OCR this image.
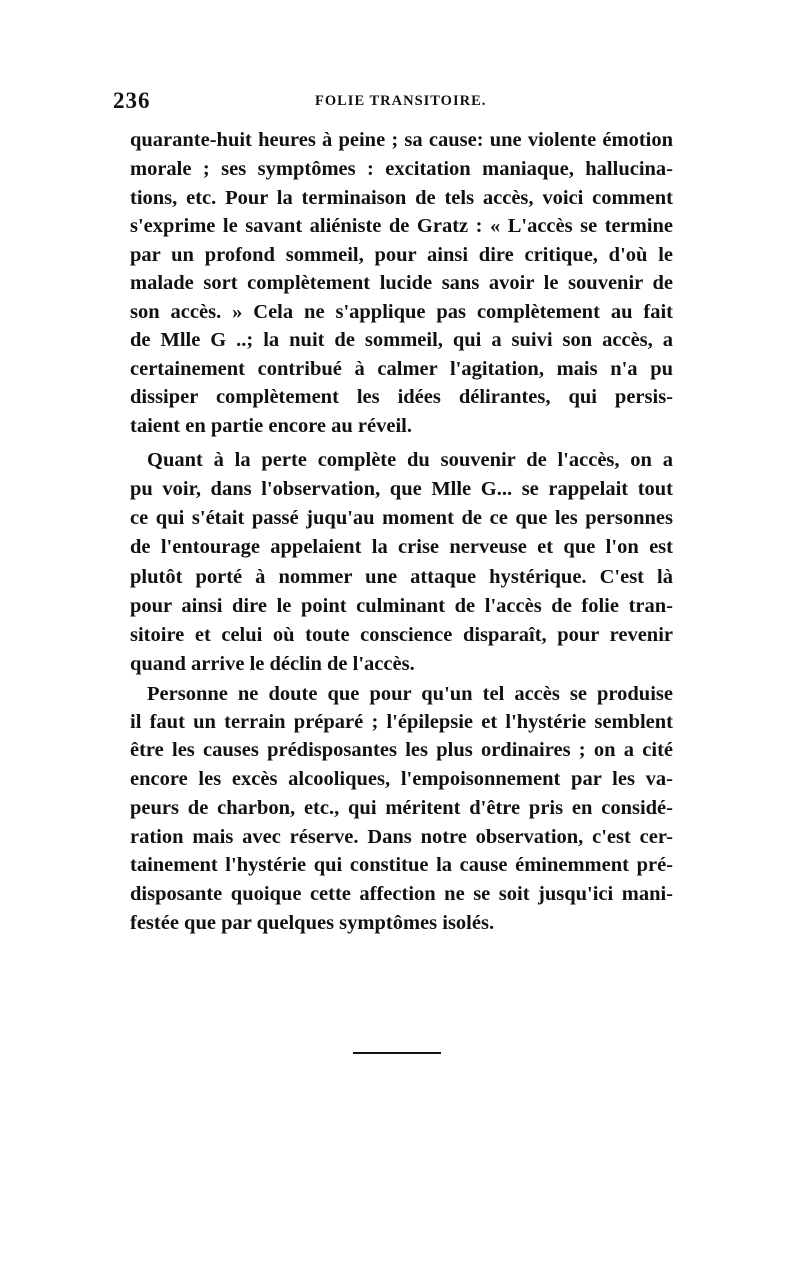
236	FOLIE TRANSITOIRE.
quarante-huit heures à peine ; sa cause: une violente émotion
morale ; ses symptômes : excitation maniaque, hallucina-
tions, etc. Pour la terminaison de tels accès, voici comment
s'exprime le savant aliéniste de Gratz : « L'accès se termine
par un profond sommeil, pour ainsi dire critique, d'où le
malade sort complètement lucide sans avoir le souvenir de
son accès. » Cela ne s'applique pas complètement au fait
de Mlle G ..; la nuit de sommeil, qui a suivi son accès, a
certainement contribué à calmer l'agitation, mais n'a pu
dissiper complètement les idées délirantes, qui persis-
taient en partie encore au réveil.
Quant à la perte complète du souvenir de l'accès, on a
pu voir, dans l'observation, que Mlle G... se rappelait tout
ce qui s'était passé juqu'au moment de ce que les personnes
de l'entourage appelaient la crise nerveuse et que l'on est
plutôt porté à nommer une attaque hystérique. C'est là
pour ainsi dire le point culminant de l'accès de folie tran-
sitoire et celui où toute conscience disparaît, pour revenir
quand arrive le déclin de l'accès.
Personne ne doute que pour qu'un tel accès se produise
il faut un terrain préparé ; l'épilepsie et l'hystérie semblent
être les causes prédisposantes les plus ordinaires ; on a cité
encore les excès alcooliques, l'empoisonnement par les va-
peurs de charbon, etc., qui méritent d'être pris en considé-
ration mais avec réserve. Dans notre observation, c'est cer-
tainement l'hystérie qui constitue la cause éminemment pré-
disposante quoique cette affection ne se soit jusqu'ici mani-
festée que par quelques symptômes isolés.
